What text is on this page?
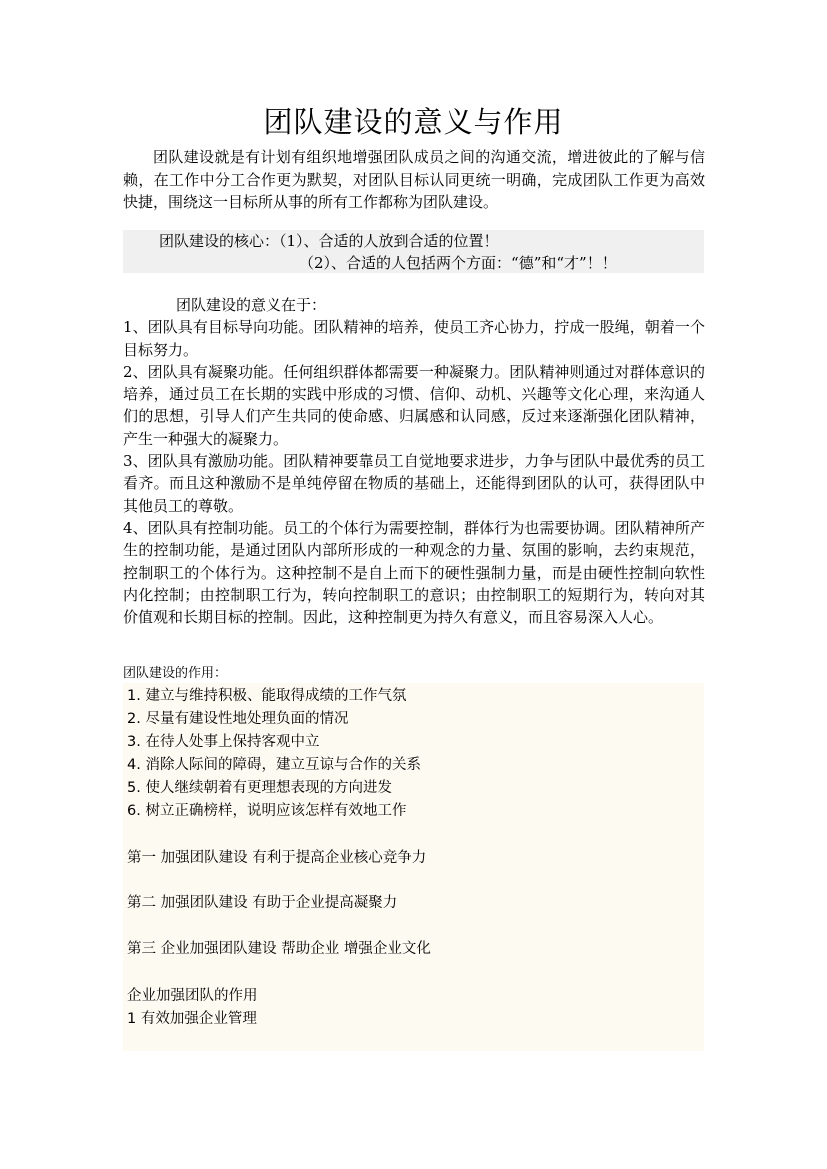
团队建设的意义与作用

团队建设就是有计划有组织地增强团队成员之间的沟通交流，增进彼此的了解与信赖，在工作中分工合作更为默契，对团队目标认同更统一明确，完成团队工作更为高效快捷，围绕这一目标所从事的所有工作都称为团队建设。

团队建设的核心：（1）、合适的人放到合适的位置！
（2）、合适的人包括两个方面：“德”和“才”！！

团队建设的意义在于：

1、团队具有目标导向功能。团队精神的培养，使员工齐心协力，拧成一股绳，朝着一个目标努力。

2、团队具有凝聚功能。任何组织群体都需要一种凝聚力。团队精神则通过对群体意识的培养，通过员工在长期的实践中形成的习惯、信仰、动机、兴趣等文化心理，来沟通人们的思想，引导人们产生共同的使命感、归属感和认同感，反过来逐渐强化团队精神，产生一种强大的凝聚力。

3、团队具有激励功能。团队精神要靠员工自觉地要求进步，力争与团队中最优秀的员工看齐。而且这种激励不是单纯停留在物质的基础上，还能得到团队的认可，获得团队中其他员工的尊敬。

4、团队具有控制功能。员工的个体行为需要控制，群体行为也需要协调。团队精神所产生的控制功能，是通过团队内部所形成的一种观念的力量、氛围的影响，去约束规范，控制职工的个体行为。这种控制不是自上而下的硬性强制力量，而是由硬性控制向软性内化控制；由控制职工行为，转向控制职工的意识；由控制职工的短期行为，转向对其价值观和长期目标的控制。因此，这种控制更为持久有意义，而且容易深入人心。

团队建设的作用：
1. 建立与维持积极、能取得成绩的工作气氛
2. 尽量有建设性地处理负面的情况
3. 在待人处事上保持客观中立
4. 消除人际间的障碍，建立互谅与合作的关系
5. 使人继续朝着有更理想表现的方向进发
6. 树立正确榜样，说明应该怎样有效地工作
第一 加强团队建设 有利于提高企业核心竞争力
第二 加强团队建设 有助于企业提高凝聚力
第三 企业加强团队建设 帮助企业 增强企业文化
企业加强团队的作用
1 有效加强企业管理
